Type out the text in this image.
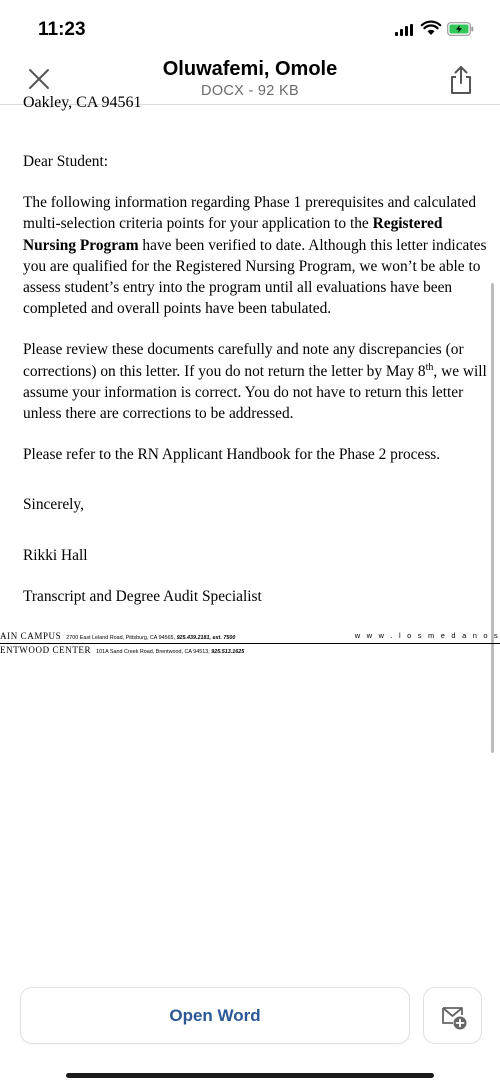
11:23
Oluwafemi, Omole
DOCX - 92 KB
Oakley, CA 94561

Dear Student:

The following information regarding Phase 1 prerequisites and calculated multi-selection criteria points for your application to the Registered Nursing Program have been verified to date. Although this letter indicates you are qualified for the Registered Nursing Program, we won’t be able to assess student’s entry into the program until all evaluations have been completed and overall points have been tabulated.

Please review these documents carefully and note any discrepancies (or corrections) on this letter. If you do not return the letter by May 8th, we will assume your information is correct. You do not have to return this letter unless there are corrections to be addressed.

Please refer to the RN Applicant Handbook for the Phase 2 process.

Sincerely,

Rikki Hall

Transcript and Degree Audit Specialist

AIN CAMPUS 2700 East Leland Road, Pittsburg, CA 94565, 925.439.2181, ext. 7500	w w w . l o s m e d a n o s
ENTWOOD CENTER 101A Sand Creek Road, Brentwood, CA 94513, 925.513.1625
Open Word
